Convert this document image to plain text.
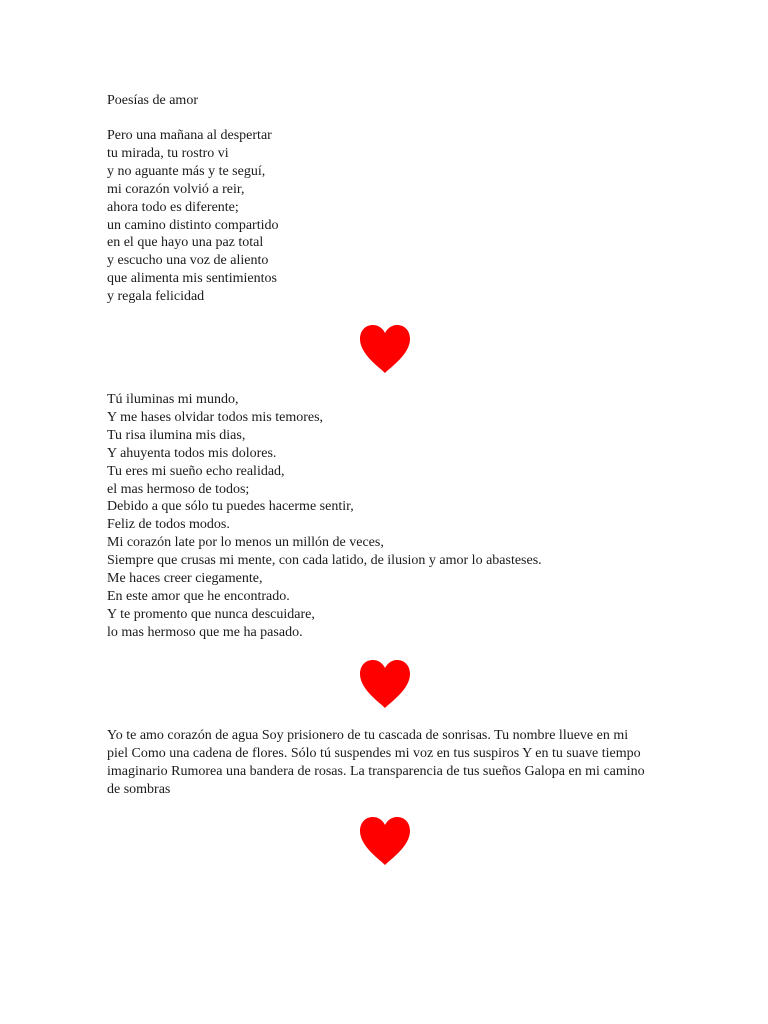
Poesías de amor
Pero una mañana al despertar
tu mirada, tu rostro vi
y no aguante más y te seguí,
mi corazón volvió a reir,
ahora todo es diferente;
un camino distinto compartido
en el que hayo una paz total
y escucho una voz de aliento
que alimenta mis sentimientos
y regala felicidad
Tú iluminas mi mundo,
Y me hases olvidar todos mis temores,
Tu risa ilumina mis dias,
Y ahuyenta todos mis dolores.
Tu eres mi sueño echo realidad,
el mas hermoso de todos;
Debido a que sólo tu puedes hacerme sentir,
Feliz de todos modos.
Mi corazón late por lo menos un millón de veces,
Siempre que crusas mi mente, con cada latido, de ilusion y amor lo abasteses.
Me haces creer ciegamente,
En este amor que he encontrado.
Y te promento que nunca descuidare,
lo mas hermoso que me ha pasado.
Yo te amo corazón de agua Soy prisionero de tu cascada de sonrisas. Tu nombre llueve en mi piel Como una cadena de flores. Sólo tú suspendes mi voz en tus suspiros Y en tu suave tiempo imaginario Rumorea una bandera de rosas. La transparencia de tus sueños Galopa en mi camino de sombras
